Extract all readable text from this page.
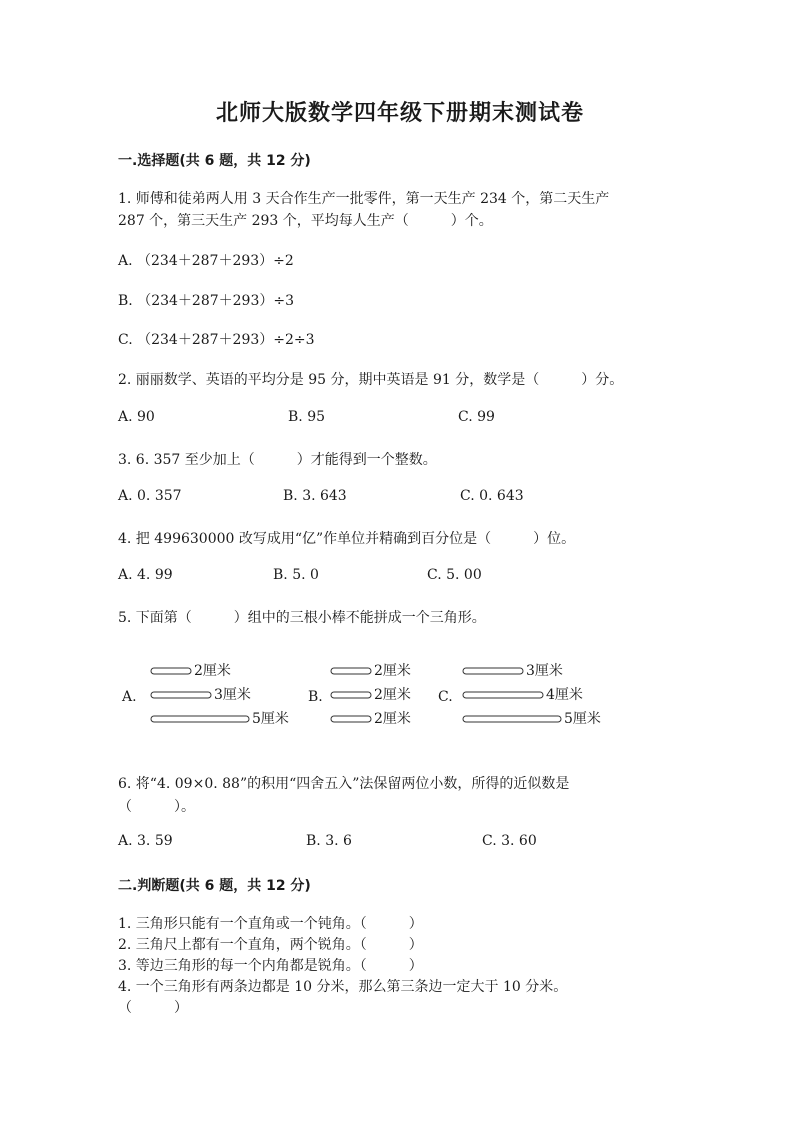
北师大版数学四年级下册期末测试卷
一.选择题(共 6 题，共 12 分)
1. 师傅和徒弟两人用 3 天合作生产一批零件，第一天生产 234 个，第二天生产
287 个，第三天生产 293 个，平均每人生产（　　　）个。
A. （234＋287＋293）÷2
B. （234＋287＋293）÷3
C. （234＋287＋293）÷2÷3
2. 丽丽数学、英语的平均分是 95 分，期中英语是 91 分，数学是（　　　）分。
A. 90	B. 95	C. 99
3. 6. 357 至少加上（　　　）才能得到一个整数。
A. 0. 357	B. 3. 643	C. 0. 643
4. 把 499630000 改写成用“亿”作单位并精确到百分位是（　　　）位。
A. 4. 99	B. 5. 0	C. 5. 00
5. 下面第（　　　）组中的三根小棒不能拼成一个三角形。
A.
2厘米
3厘米
5厘米
B.
2厘米
2厘米
2厘米
C.
3厘米
4厘米
5厘米
6. 将“4. 09×0. 88”的积用“四舍五入”法保留两位小数，所得的近似数是
（　　　）。
A. 3. 59	B. 3. 6	C. 3. 60
二.判断题(共 6 题，共 12 分)
1. 三角形只能有一个直角或一个钝角。（　　　）
2. 三角尺上都有一个直角，两个锐角。（　　　）
3. 等边三角形的每一个内角都是锐角。（　　　）
4. 一个三角形有两条边都是 10 分米，那么第三条边一定大于 10 分米。
（　　　）
